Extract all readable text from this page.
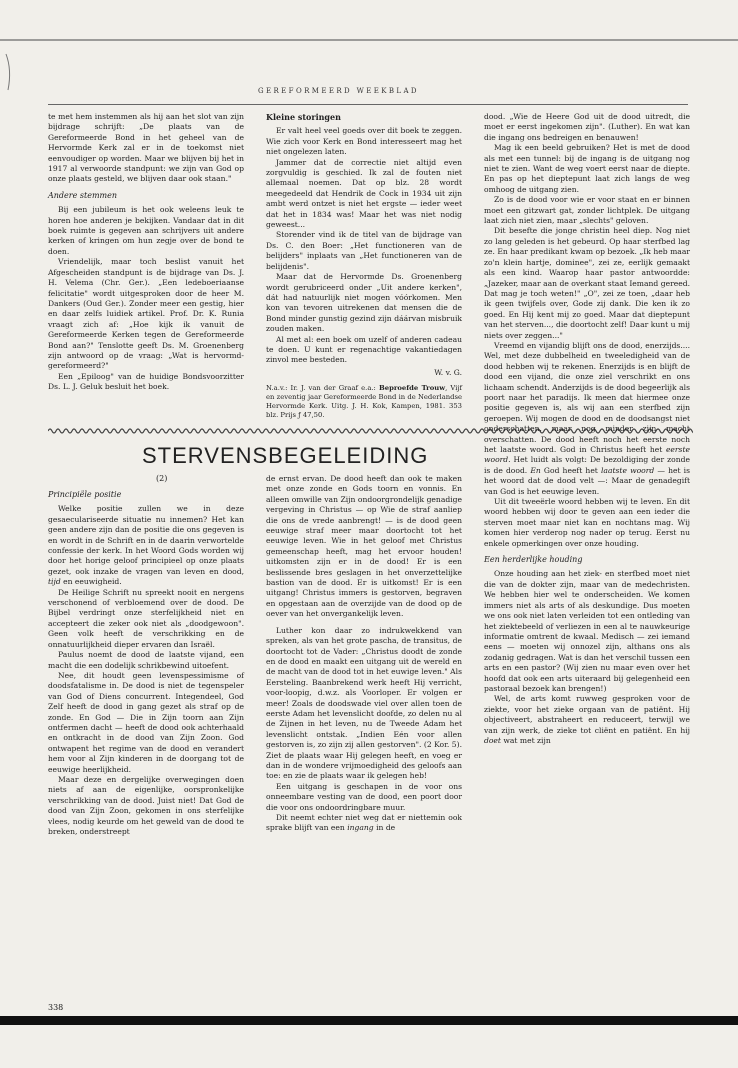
GEREFORMEERD WEEKBLAD

te met hem instemmen als hij aan het slot van zijn bijdrage schrijft: „De plaats van de Gereformeerde Bond in het geheel van de Hervormde Kerk zal er in de toekomst niet eenvoudiger op worden. Maar we blijven bij het in 1917 al verwoorde standpunt: we zijn van God op onze plaats gesteld, we blijven daar ook staan."

Andere stemmen

Bij een jubileum is het ook weleens leuk te horen hoe anderen je bekijken. Vandaar dat in dit boek ruimte is gegeven aan schrijvers uit andere kerken of kringen om hun zegje over de bond te doen.

Vriendelijk, maar toch beslist vanuit het Afgescheiden standpunt is de bijdrage van Ds. J. H. Velema (Chr. Ger.). „Een ledeboeriaanse felicitatie" wordt uitgesproken door de heer M. Dankers (Oud Ger.). Zonder meer een gestig, hier en daar zelfs luidiek artikel. Prof. Dr. K. Runia vraagt zich af: „Hoe kijk ik vanuit de Gereformeerde Kerken tegen de Gereformeerde Bond aan?" Tenslotte geeft Ds. M. Groenenberg zijn antwoord op de vraag: „Wat is hervormd-gereformeerd?"

Een „Epiloog" van de huidige Bondsvoorzitter Ds. L. J. Geluk besluit het boek.

Kleine storingen

Er valt heel veel goeds over dit boek te zeggen. Wie zich voor Kerk en Bond interesseert mag het niet ongelezen laten.

Jammer dat de correctie niet altijd even zorgvuldig is geschied. Ik zal de fouten niet allemaal noemen. Dat op blz. 28 wordt meegedeeld dat Hendrik de Cock in 1934 uit zijn ambt werd ontzet is niet het ergste — ieder weet dat het in 1834 was! Maar het was niet nodig geweest...

Storender vind ik de titel van de bijdrage van Ds. C. den Boer: „Het functioneren van de belijders" inplaats van „Het functioneren van de belijdenis".

Maar dat de Hervormde Ds. Groenenberg wordt gerubriceerd onder „Uit andere kerken", dát had natuurlijk niet mogen vóórkomen. Men kon van tevoren uitrekenen dat mensen die de Bond minder gunstig gezind zijn dáárvan misbruik zouden maken.

Al met al: een boek om uzelf of anderen cadeau te doen. U kunt er regenachtige vakantiedagen zinvol mee besteden.

W. v. G.
N.a.v.: Ir. J. van der Graaf e.a.: Beproefde Trouw, Vijf en zeventig jaar Gereformeerde Bond in de Nederlandse Hervormde Kerk. Uitg. J. H. Kok, Kampen, 1981. 353 blz. Prijs ƒ 47,50.
STERVENSBEGELEIDING
(2)
Principiële positie

Welke positie zullen we in deze gesaeculariseerde situatie nu innemen? Het kan geen andere zijn dan de positie die ons gegeven is en wordt in de Schrift en in de daarin verwortelde confessie der kerk. In het Woord Gods worden wij door het horige geloof principieel op onze plaats gezet, ook inzake de vragen van leven en dood, tijd en eeuwigheid.

De Heilige Schrift nu spreekt nooit en nergens verschonend of verbloemend over de dood. De Bijbel verdringt onze sterfelijkheid niet en accepteert die zeker ook niet als „doodgewoon". Geen volk heeft de verschrikking en de onnatuurlijkheid dieper ervaren dan Israël.

Paulus noemt de dood de laatste vijand, een macht die een dodelijk schrikbewind uitoefent.

Nee, dit houdt geen levenspessimisme of doodsfatalisme in. De dood is niet de tegenspeler van God of Diens concurrent. Integendeel, God Zelf heeft de dood in gang gezet als straf op de zonde. En God — Die in Zijn toorn aan Zijn ontfermen dacht — heeft de dood ook achterhaald en ontkracht in de dood van Zijn Zoon. God ontwapent het regime van de dood en verandert hem voor al Zijn kinderen in de doorgang tot de eeuwige heerlijkheid.

Maar deze en dergelijke overwegingen doen niets af aan de eigenlijke, oorspronkelijke verschrikking van de dood. Juist niet! Dat God de dood van Zijn Zoon, gekomen in ons sterfelijke vlees, nodig keurde om het geweld van de dood te breken, onderstreept

de ernst ervan. De dood heeft dan ook te maken met onze zonde en Gods toorn en vonnis. En alleen omwille van Zijn ondoorgrondelijk genadige vergeving in Christus — op Wie de straf aanliep die ons de vrede aanbrengt! — is de dood geen eeuwige straf meer maar doortocht tot het eeuwige leven. Wie in het geloof met Christus gemeenschap heeft, mag het ervoor houden! uitkomsten zijn er in de dood! Er is een beslissende bres geslagen in het onverzettelijke bastion van de dood. Er is uitkomst! Er is een uitgang! Christus immers is gestorven, begraven en opgestaan aan de overzijde van de dood op de oever van het onvergankelijk leven.

Luther kon daar zo indrukwekkend van spreken, als van het grote pascha, de transitus, de doortocht tot de Vader: „Christus doodt de zonde en de dood en maakt een uitgang uit de wereld en de macht van de dood tot in het euwige leven." Als Eersteling. Baanbrekend werk heeft Hij verricht, voor-loopig, d.w.z. als Voorloper. Er volgen er meer! Zoals de doodswade viel over allen toen de eerste Adam het levenslicht doofde, zo delen nu al de Zijnen in het leven, nu de Tweede Adam het levenslicht ontstak. „Indien Eén voor allen gestorven is, zo zijn zij allen gestorven". (2 Kor. 5). Ziet de plaats waar Hij gelegen heeft, en voeg er dan in de wondere vrijmoedigheid des geloofs aan toe: en zie de plaats waar ik gelegen heb!

Een uitgang is geschapen in de voor ons onneembare vesting van de dood, een poort door die voor ons ondoordringbare muur.

Dit neemt echter niet weg dat er niettemin ook sprake blijft van een ingang in de

dood. „Wie de Heere God uit de dood uitredt, die moet er eerst ingekomen zijn". (Luther). En wat kan die ingang ons bedreigen en benauwen!

Mag ik een beeld gebruiken? Het is met de dood als met een tunnel: bij de ingang is de uitgang nog niet te zien. Want de weg voert eerst naar de diepte. En pas op het dieptepunt laat zich langs de weg omhoog de uitgang zien.

Zo is de dood voor wie er voor staat en er binnen moet een gitzwart gat, zonder lichtplek. De uitgang laat zich niet zien, maar „slechts" geloven.

Dit besefte die jonge christin heel diep. Nog niet zo lang geleden is het gebeurd. Op haar sterfbed lag ze. En haar predikant kwam op bezoek. „Ik heb maar zo'n klein hartje, dominee", zei ze, eerlijk gemaakt als een kind. Waarop haar pastor antwoordde: „Jazeker, maar aan de overkant staat Iemand gereed. Dat mag je toch weten!" „O", zei ze toen, „daar heb ik geen twijfels over, Gode zij dank. Die ken ik zo goed. En Hij kent mij zo goed. Maar dat dieptepunt van het sterven..., die doortocht zelf! Daar kunt u mij niets over zeggen..."

Vreemd en vijandig blijft ons de dood, enerzijds.... Wel, met deze dubbelheid en tweeledigheid van de dood hebben wij te rekenen. Enerzijds is en blijft de dood een vijand, die onze ziel verschrikt en ons lichaam schendt. Anderzijds is de dood begeerlijk als poort naar het paradijs. Ik meen dat hiermee onze positie gegeven is, als wij aan een sterfbed zijn geroepen. Wij mogen de dood en de doodsangst niet onderschatten, maar nog minder zijn macht overschatten. De dood heeft noch het eerste noch het laatste woord. God in Christus heeft het eerste woord. Het luidt als volgt: De bezoldiging der zonde is de dood. En God heeft het laatste woord — het is het woord dat de dood velt —: Maar de genadegift van God is het eeuwige leven.

Uit dit tweeërle woord hebben wij te leven. En dit woord hebben wij door te geven aan een ieder die sterven moet maar niet kan en nochtans mag. Wij komen hier verderop nog nader op terug. Eerst nu enkele opmerkingen over onze houding.

Een herderlijke houding

Onze houding aan het ziek- en sterfbed moet niet die van de dokter zijn, maar van de medechristen. We hebben hier wel te onderscheiden. We komen immers niet als arts of als deskundige. Dus moeten we ons ook niet laten verleiden tot een ontleding van het ziektebeeld of verliezen in een al te nauwkeurige informatie omtrent de kwaal. Medisch — zei iemand eens — moeten wij onnozel zijn, althans ons als zodanig gedragen. Wat is dan het verschil tussen een arts en een pastor? (Wij zien nu maar even over het hoofd dat ook een arts uiteraard bij gelegenheid een pastoraal bezoek kan brengen!)

Wel, de arts komt ruwweg gesproken voor de ziekte, voor het zieke orgaan van de patiënt. Hij objectiveert, abstraheert en reduceert, terwijl we van zijn werk, de zieke tot cliënt en patiënt. En hij doet wat met zijn

338
